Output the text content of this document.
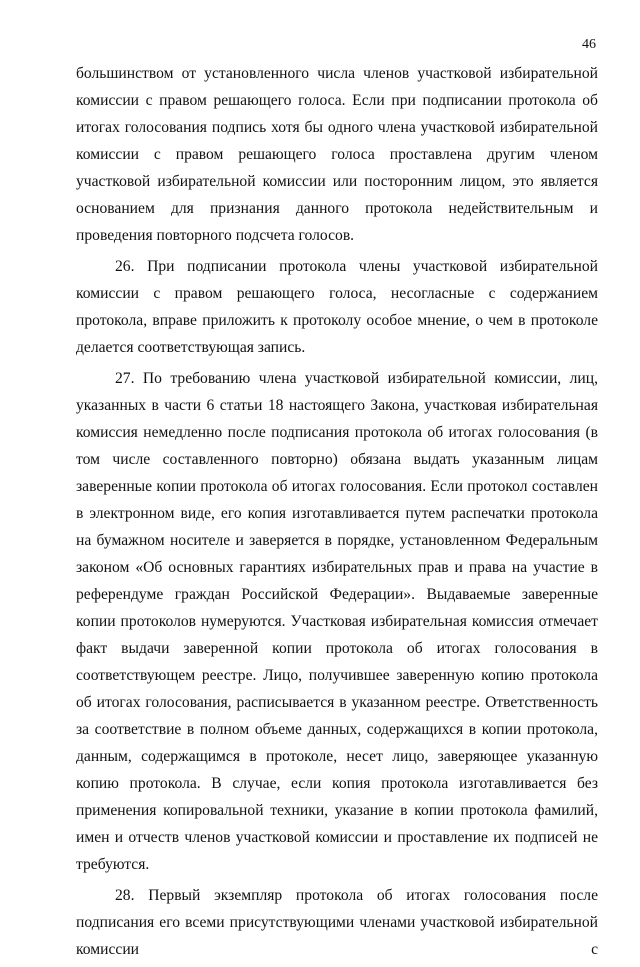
46

большинством от установленного числа членов участковой избирательной комиссии с правом решающего голоса. Если при подписании протокола об итогах голосования подпись хотя бы одного члена участковой избирательной комиссии с правом решающего голоса проставлена другим членом участковой избирательной комиссии или посторонним лицом, это является основанием для признания данного протокола недействительным и проведения повторного подсчета голосов.

26. При подписании протокола члены участковой избирательной комиссии с правом решающего голоса, несогласные с содержанием протокола, вправе приложить к протоколу особое мнение, о чем в протоколе делается соответствующая запись.

27. По требованию члена участковой избирательной комиссии, лиц, указанных в части 6 статьи 18 настоящего Закона, участковая избирательная комиссия немедленно после подписания протокола об итогах голосования (в том числе составленного повторно) обязана выдать указанным лицам заверенные копии протокола об итогах голосования. Если протокол составлен в электронном виде, его копия изготавливается путем распечатки протокола на бумажном носителе и заверяется в порядке, установленном Федеральным законом «Об основных гарантиях избирательных прав и права на участие в референдуме граждан Российской Федерации». Выдаваемые заверенные копии протоколов нумеруются. Участковая избирательная комиссия отмечает факт выдачи заверенной копии протокола об итогах голосования в соответствующем реестре. Лицо, получившее заверенную копию протокола об итогах голосования, расписывается в указанном реестре. Ответственность за соответствие в полном объеме данных, содержащихся в копии протокола, данным, содержащимся в протоколе, несет лицо, заверяющее указанную копию протокола. В случае, если копия протокола изготавливается без применения копировальной техники, указание в копии протокола фамилий, имен и отчеств членов участковой комиссии и проставление их подписей не требуются.

28. Первый экземпляр протокола об итогах голосования после подписания его всеми присутствующими членами участковой избирательной комиссии с
